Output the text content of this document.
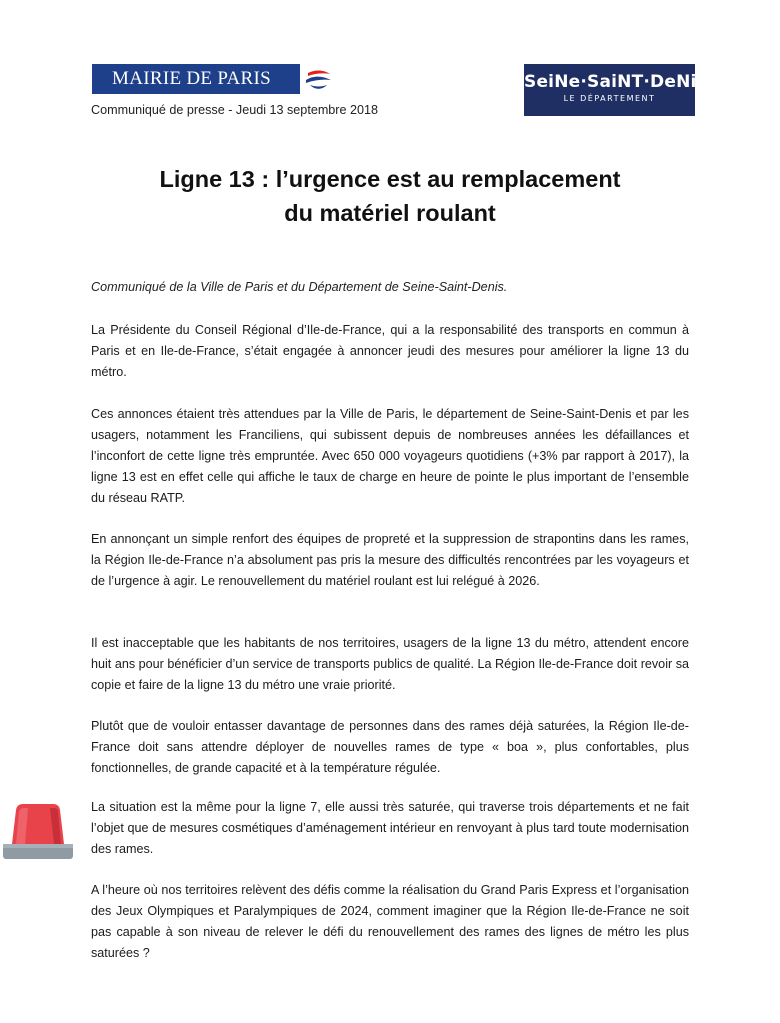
MAIRIE DE PARIS	SeiNe·SaiNT·DeNiS
LE DÉPARTEMENT
Communiqué de presse - Jeudi 13 septembre 2018
Ligne 13 : l’urgence est au remplacement
du matériel roulant
Communiqué de la Ville de Paris et du Département de Seine-Saint-Denis.

La Présidente du Conseil Régional d’Ile-de-France, qui a la responsabilité des transports en commun à Paris et en Ile-de-France, s’était engagée à annoncer jeudi des mesures pour améliorer la ligne 13 du métro.

Ces annonces étaient très attendues par la Ville de Paris, le département de Seine-Saint-Denis et par les usagers, notamment les Franciliens, qui subissent depuis de nombreuses années les défaillances et l’inconfort de cette ligne très empruntée. Avec 650 000 voyageurs quotidiens (+3% par rapport à 2017), la ligne 13 est en effet celle qui affiche le taux de charge en heure de pointe le plus important de l’ensemble du réseau RATP.

En annonçant un simple renfort des équipes de propreté et la suppression de strapontins dans les rames, la Région Ile-de-France n’a absolument pas pris la mesure des difficultés rencontrées par les voyageurs et de l’urgence à agir. Le renouvellement du matériel roulant est lui relégué à 2026.

Il est inacceptable que les habitants de nos territoires, usagers de la ligne 13 du métro, attendent encore huit ans pour bénéficier d’un service de transports publics de qualité. La Région Ile-de-France doit revoir sa copie et faire de la ligne 13 du métro une vraie priorité.

Plutôt que de vouloir entasser davantage de personnes dans des rames déjà saturées, la Région Ile-de-France doit sans attendre déployer de nouvelles rames de type « boa », plus confortables, plus fonctionnelles, de grande capacité et à la température régulée.

La situation est la même pour la ligne 7, elle aussi très saturée, qui traverse trois départements et ne fait l’objet que de mesures cosmétiques d’aménagement intérieur en renvoyant à plus tard toute modernisation des rames.

A l’heure où nos territoires relèvent des défis comme la réalisation du Grand Paris Express et l’organisation des Jeux Olympiques et Paralympiques de 2024, comment imaginer que la Région Ile-de-France ne soit pas capable à son niveau de relever le défi du renouvellement des rames des lignes de métro les plus saturées ?
